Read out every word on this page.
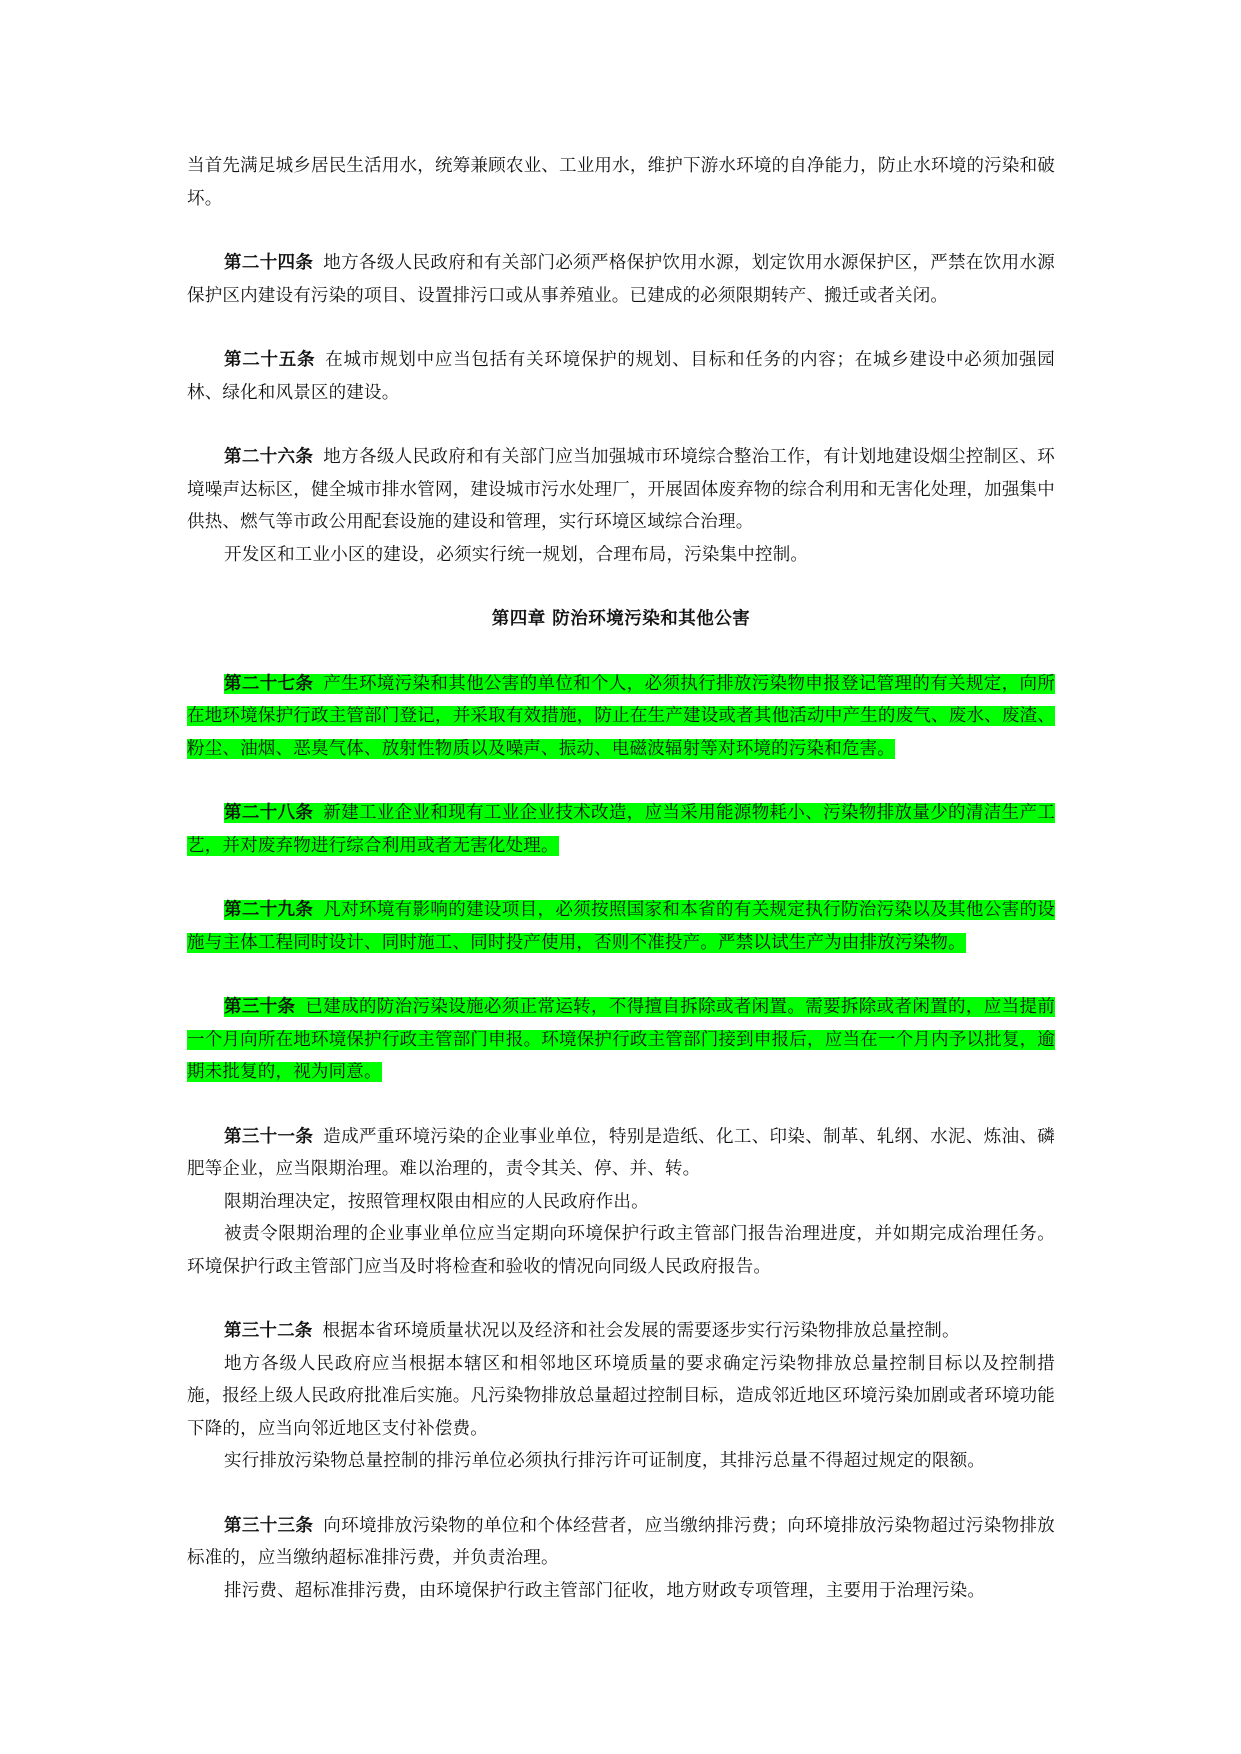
当首先满足城乡居民生活用水，统筹兼顾农业、工业用水，维护下游水环境的自净能力，防止水环境的污染和破坏。

第二十四条 地方各级人民政府和有关部门必须严格保护饮用水源，划定饮用水源保护区，严禁在饮用水源保护区内建设有污染的项目、设置排污口或从事养殖业。已建成的必须限期转产、搬迁或者关闭。

第二十五条 在城市规划中应当包括有关环境保护的规划、目标和任务的内容；在城乡建设中必须加强园林、绿化和风景区的建设。

第二十六条 地方各级人民政府和有关部门应当加强城市环境综合整治工作，有计划地建设烟尘控制区、环境噪声达标区，健全城市排水管网，建设城市污水处理厂，开展固体废弃物的综合利用和无害化处理，加强集中供热、燃气等市政公用配套设施的建设和管理，实行环境区域综合治理。

开发区和工业小区的建设，必须实行统一规划，合理布局，污染集中控制。

第四章 防治环境污染和其他公害

第二十七条 产生环境污染和其他公害的单位和个人，必须执行排放污染物申报登记管理的有关规定，向所在地环境保护行政主管部门登记，并采取有效措施，防止在生产建设或者其他活动中产生的废气、废水、废渣、粉尘、油烟、恶臭气体、放射性物质以及噪声、振动、电磁波辐射等对环境的污染和危害。

第二十八条 新建工业企业和现有工业企业技术改造，应当采用能源物耗小、污染物排放量少的清洁生产工艺，并对废弃物进行综合利用或者无害化处理。

第二十九条 凡对环境有影响的建设项目，必须按照国家和本省的有关规定执行防治污染以及其他公害的设施与主体工程同时设计、同时施工、同时投产使用，否则不准投产。严禁以试生产为由排放污染物。

第三十条 已建成的防治污染设施必须正常运转，不得擅自拆除或者闲置。需要拆除或者闲置的，应当提前一个月向所在地环境保护行政主管部门申报。环境保护行政主管部门接到申报后，应当在一个月内予以批复，逾期未批复的，视为同意。

第三十一条 造成严重环境污染的企业事业单位，特别是造纸、化工、印染、制革、轧纲、水泥、炼油、磷肥等企业，应当限期治理。难以治理的，责令其关、停、并、转。

限期治理决定，按照管理权限由相应的人民政府作出。

被责令限期治理的企业事业单位应当定期向环境保护行政主管部门报告治理进度，并如期完成治理任务。环境保护行政主管部门应当及时将检查和验收的情况向同级人民政府报告。

第三十二条 根据本省环境质量状况以及经济和社会发展的需要逐步实行污染物排放总量控制。

地方各级人民政府应当根据本辖区和相邻地区环境质量的要求确定污染物排放总量控制目标以及控制措施，报经上级人民政府批准后实施。凡污染物排放总量超过控制目标，造成邻近地区环境污染加剧或者环境功能下降的，应当向邻近地区支付补偿费。

实行排放污染物总量控制的排污单位必须执行排污许可证制度，其排污总量不得超过规定的限额。

第三十三条 向环境排放污染物的单位和个体经营者，应当缴纳排污费；向环境排放污染物超过污染物排放标准的，应当缴纳超标准排污费，并负责治理。

排污费、超标准排污费，由环境保护行政主管部门征收，地方财政专项管理，主要用于治理污染。
